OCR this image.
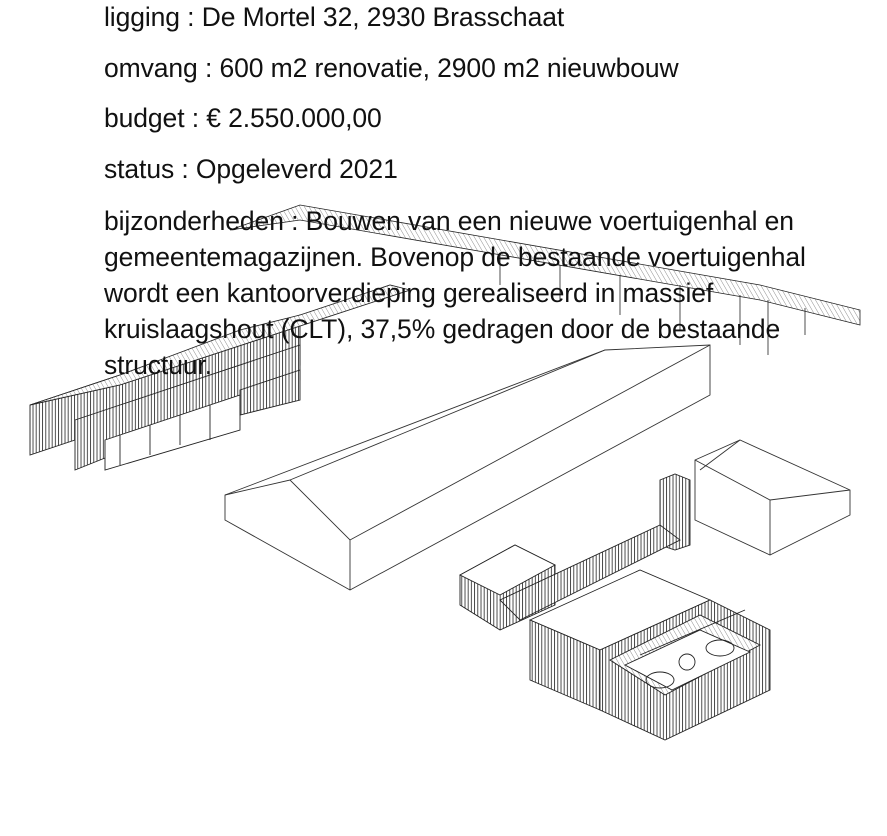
ligging : De Mortel 32, 2930 Brasschaat

omvang : 600 m2 renovatie, 2900 m2 nieuwbouw

budget : € 2.550.000,00

status : Opgeleverd 2021

bijzonderheden : Bouwen van een nieuwe voertuigenhal en gemeentemagazijnen. Bovenop de bestaande voertuigenhal wordt een kantoorverdieping gerealiseerd in massief kruislaagshout (CLT), 37,5% gedragen door de bestaande structuur.
